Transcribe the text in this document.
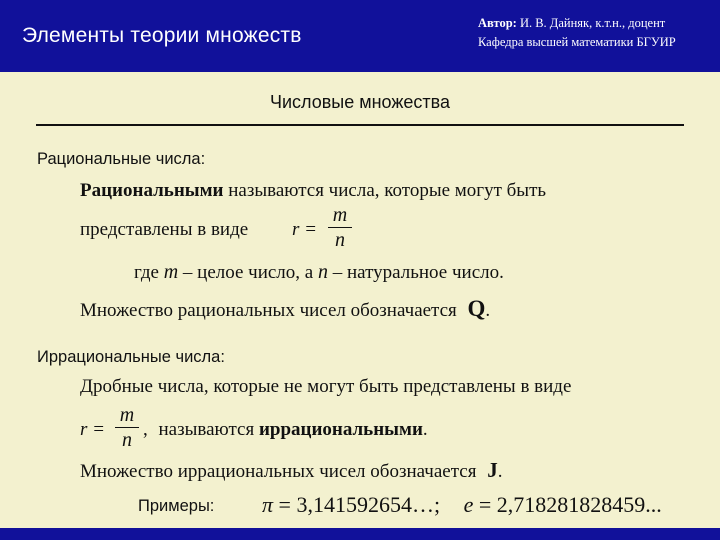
Элементы теории множеств
Автор: И. В. Дайняк, к.т.н., доцент
Кафедра высшей математики БГУИР
Числовые множества
Рациональные числа:
Рациональными называются числа, которые могут быть
представлены в виде r =
m
n
где m – целое число, а n – натуральное число.
Множество рациональных чисел обозначается Q.
Иррациональные числа:
Дробные числа, которые не могут быть представлены в виде
r =
m
n , называются иррациональными.
Множество иррациональных чисел обозначается J.
Примеры: π = 3,141592654…; e = 2,718281828459...
